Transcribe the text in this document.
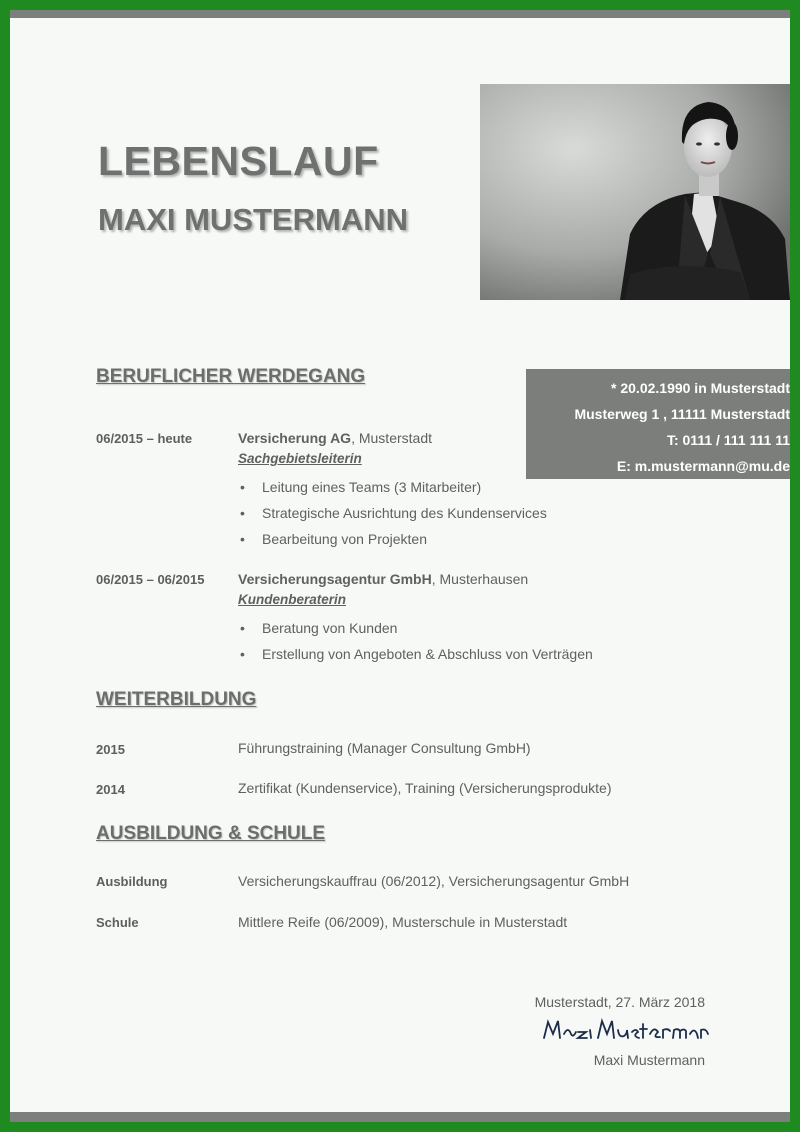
LEBENSLAUF
MAXI MUSTERMANN
* 20.02.1990 in Musterstadt
Musterweg 1 , 11111 Musterstadt
T: 0111 / 111 111 11
E: m.mustermann@mu.de
BERUFLICHER WERDEGANG
06/2015 – heute	Versicherung AG, Musterstadt
Sachgebietsleiterin
• Leitung eines Teams (3 Mitarbeiter)
• Strategische Ausrichtung des Kundenservices
• Bearbeitung von Projekten
06/2015 – 06/2015 Versicherungsagentur GmbH, Musterhausen
Kundenberaterin
• Beratung von Kunden
• Erstellung von Angeboten & Abschluss von Verträgen
WEITERBILDUNG
2015	Führungstraining (Manager Consultung GmbH)
2014	Zertifikat (Kundenservice), Training (Versicherungsprodukte)
AUSBILDUNG & SCHULE
Ausbildung	Versicherungskauffrau (06/2012), Versicherungsagentur GmbH
Schule	Mittlere Reife (06/2009), Musterschule in Musterstadt
Musterstadt, 27. März 2018
Maxi Mustermann
